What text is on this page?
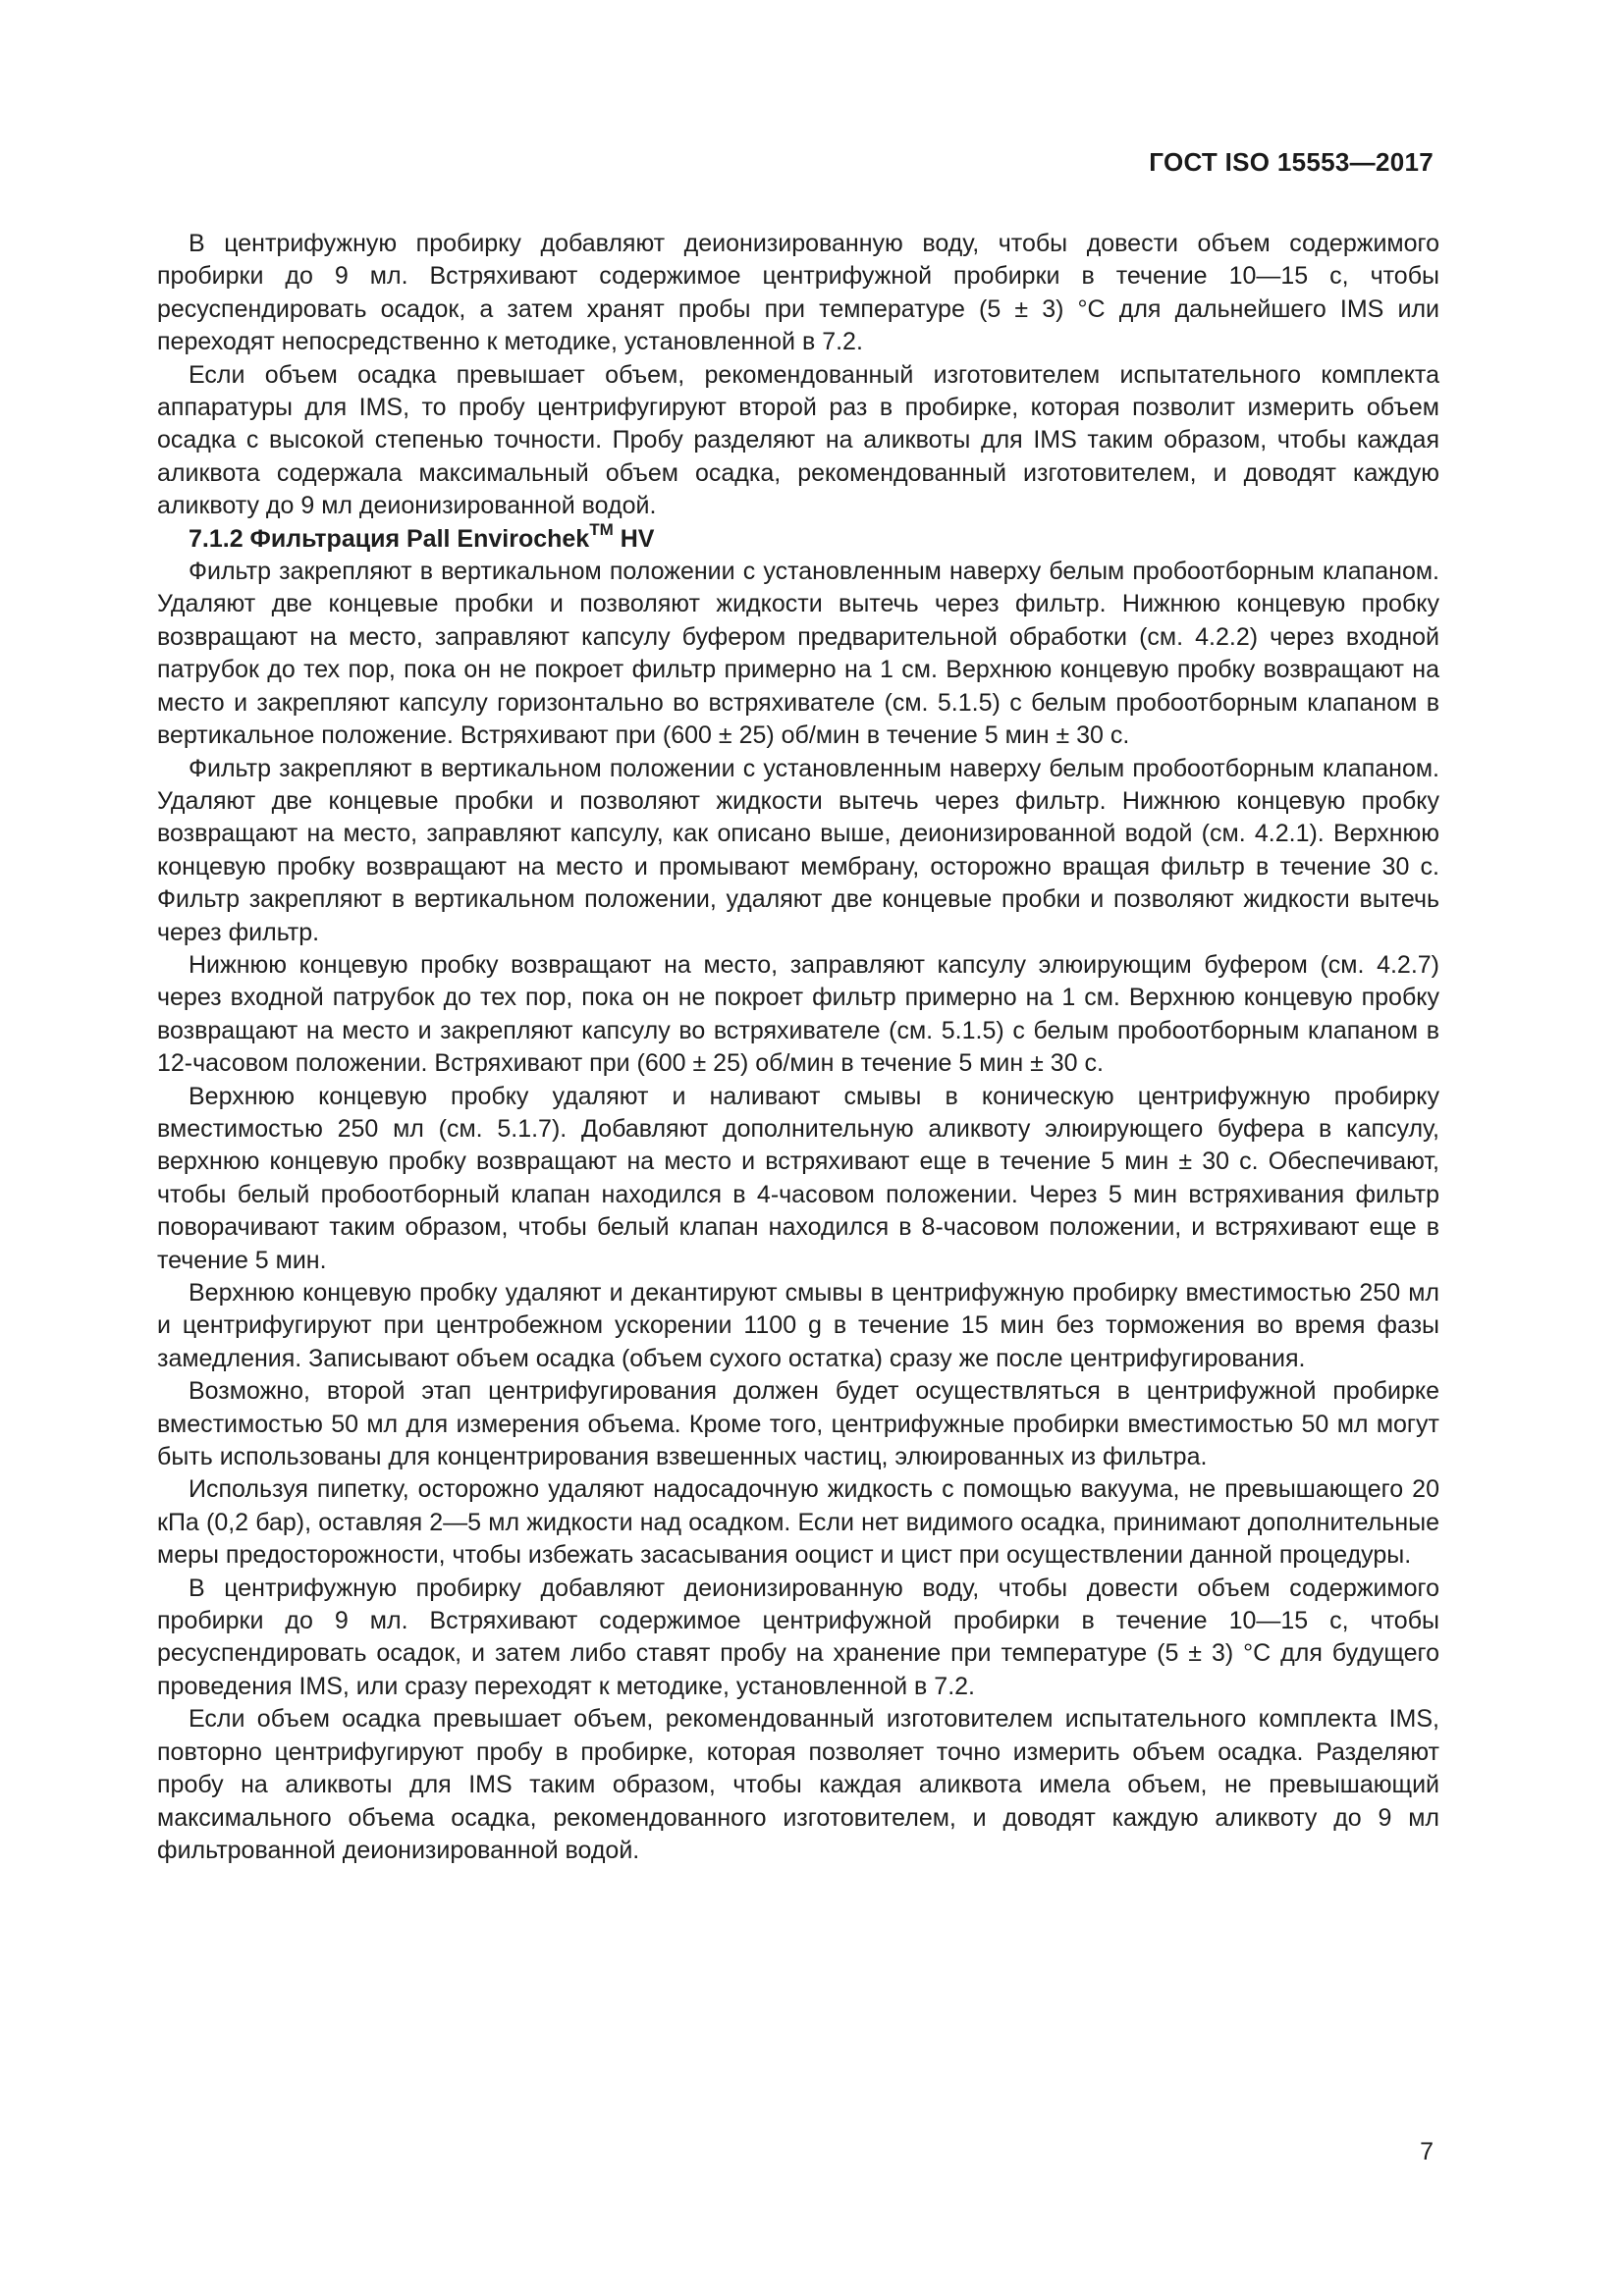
ГОСТ ISO 15553—2017

В центрифужную пробирку добавляют деионизированную воду, чтобы довести объем содержимого пробирки до 9 мл. Встряхивают содержимое центрифужной пробирки в течение 10—15 с, чтобы ресуспендировать осадок, а затем хранят пробы при температуре (5 ± 3) °C для дальнейшего IMS или переходят непосредственно к методике, установленной в 7.2.

Если объем осадка превышает объем, рекомендованный изготовителем испытательного комплекта аппаратуры для IMS, то пробу центрифугируют второй раз в пробирке, которая позволит измерить объем осадка с высокой степенью точности. Пробу разделяют на аликвоты для IMS таким образом, чтобы каждая аликвота содержала максимальный объем осадка, рекомендованный изготовителем, и доводят каждую аликвоту до 9 мл деионизированной водой.

7.1.2 Фильтрация Pall Envirochek™ HV

Фильтр закрепляют в вертикальном положении с установленным наверху белым пробоотборным клапаном. Удаляют две концевые пробки и позволяют жидкости вытечь через фильтр. Нижнюю концевую пробку возвращают на место, заправляют капсулу буфером предварительной обработки (см. 4.2.2) через входной патрубок до тех пор, пока он не покроет фильтр примерно на 1 см. Верхнюю концевую пробку возвращают на место и закрепляют капсулу горизонтально во встряхивателе (см. 5.1.5) с белым пробоотборным клапаном в вертикальное положение. Встряхивают при (600 ± 25) об/мин в течение 5 мин ± 30 с.

Фильтр закрепляют в вертикальном положении с установленным наверху белым пробоотборным клапаном. Удаляют две концевые пробки и позволяют жидкости вытечь через фильтр. Нижнюю концевую пробку возвращают на место, заправляют капсулу, как описано выше, деионизированной водой (см. 4.2.1). Верхнюю концевую пробку возвращают на место и промывают мембрану, осторожно вращая фильтр в течение 30 с. Фильтр закрепляют в вертикальном положении, удаляют две концевые пробки и позволяют жидкости вытечь через фильтр.

Нижнюю концевую пробку возвращают на место, заправляют капсулу элюирующим буфером (см. 4.2.7) через входной патрубок до тех пор, пока он не покроет фильтр примерно на 1 см. Верхнюю концевую пробку возвращают на место и закрепляют капсулу во встряхивателе (см. 5.1.5) с белым пробоотборным клапаном в 12-часовом положении. Встряхивают при (600 ± 25) об/мин в течение 5 мин ± 30 с.

Верхнюю концевую пробку удаляют и наливают смывы в коническую центрифужную пробирку вместимостью 250 мл (см. 5.1.7). Добавляют дополнительную аликвоту элюирующего буфера в капсулу, верхнюю концевую пробку возвращают на место и встряхивают еще в течение 5 мин ± 30 с. Обеспечивают, чтобы белый пробоотборный клапан находился в 4-часовом положении. Через 5 мин встряхивания фильтр поворачивают таким образом, чтобы белый клапан находился в 8-часовом положении, и встряхивают еще в течение 5 мин.

Верхнюю концевую пробку удаляют и декантируют смывы в центрифужную пробирку вместимостью 250 мл и центрифугируют при центробежном ускорении 1100 g в течение 15 мин без торможения во время фазы замедления. Записывают объем осадка (объем сухого остатка) сразу же после центрифугирования.

Возможно, второй этап центрифугирования должен будет осуществляться в центрифужной пробирке вместимостью 50 мл для измерения объема. Кроме того, центрифужные пробирки вместимостью 50 мл могут быть использованы для концентрирования взвешенных частиц, элюированных из фильтра.

Используя пипетку, осторожно удаляют надосадочную жидкость с помощью вакуума, не превышающего 20 кПа (0,2 бар), оставляя 2—5 мл жидкости над осадком. Если нет видимого осадка, принимают дополнительные меры предосторожности, чтобы избежать засасывания ооцист и цист при осуществлении данной процедуры.

В центрифужную пробирку добавляют деионизированную воду, чтобы довести объем содержимого пробирки до 9 мл. Встряхивают содержимое центрифужной пробирки в течение 10—15 с, чтобы ресуспендировать осадок, и затем либо ставят пробу на хранение при температуре (5 ± 3) °C для будущего проведения IMS, или сразу переходят к методике, установленной в 7.2.

Если объем осадка превышает объем, рекомендованный изготовителем испытательного комплекта IMS, повторно центрифугируют пробу в пробирке, которая позволяет точно измерить объем осадка. Разделяют пробу на аликвоты для IMS таким образом, чтобы каждая аликвота имела объем, не превышающий максимального объема осадка, рекомендованного изготовителем, и доводят каждую аликвоту до 9 мл фильтрованной деионизированной водой.

7
